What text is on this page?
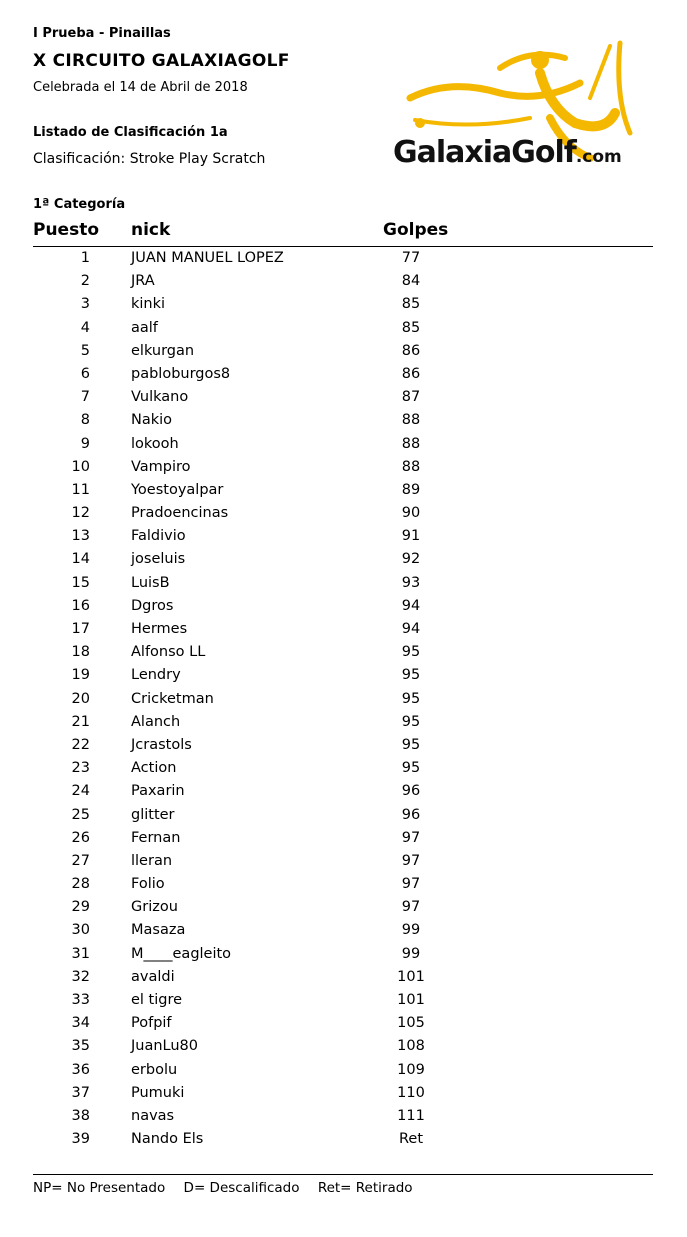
I Prueba - Pinaillas
X CIRCUITO GALAXIAGOLF
Celebrada el 14 de Abril de 2018
Listado de Clasificación 1a
Clasificación: Stroke Play Scratch
1ª Categoría
GalaxiaGolf.com
Puesto nick	Golpes
1	JUAN MANUEL LOPEZ	77
2	JRA	84
3	kinki	85
4	aalf	85
5	elkurgan	86
6	pabloburgos8	86
7	Vulkano	87
8	Nakio	88
9	lokooh	88
10	Vampiro	88
11	Yoestoyalpar	89
12	Pradoencinas	90
13	Faldivio	91
14	joseluis	92
15	LuisB	93
16	Dgros	94
17	Hermes	94
18	Alfonso LL	95
19	Lendry	95
20	Cricketman	95
21	Alanch	95
22	Jcrastols	95
23	Action	95
24	Paxarin	96
25	glitter	96
26	Fernan	97
27	lleran	97
28	Folio	97
29	Grizou	97
30	Masaza	99
31	M____eagleito	99
32	avaldi	101
33	el tigre	101
34	Pofpif	105
35	JuanLu80	108
36	erbolu	109
37	Pumuki	110
38	navas	111
39	Nando Els	Ret
NP= No Presentado D= Descalificado Ret= Retirado
